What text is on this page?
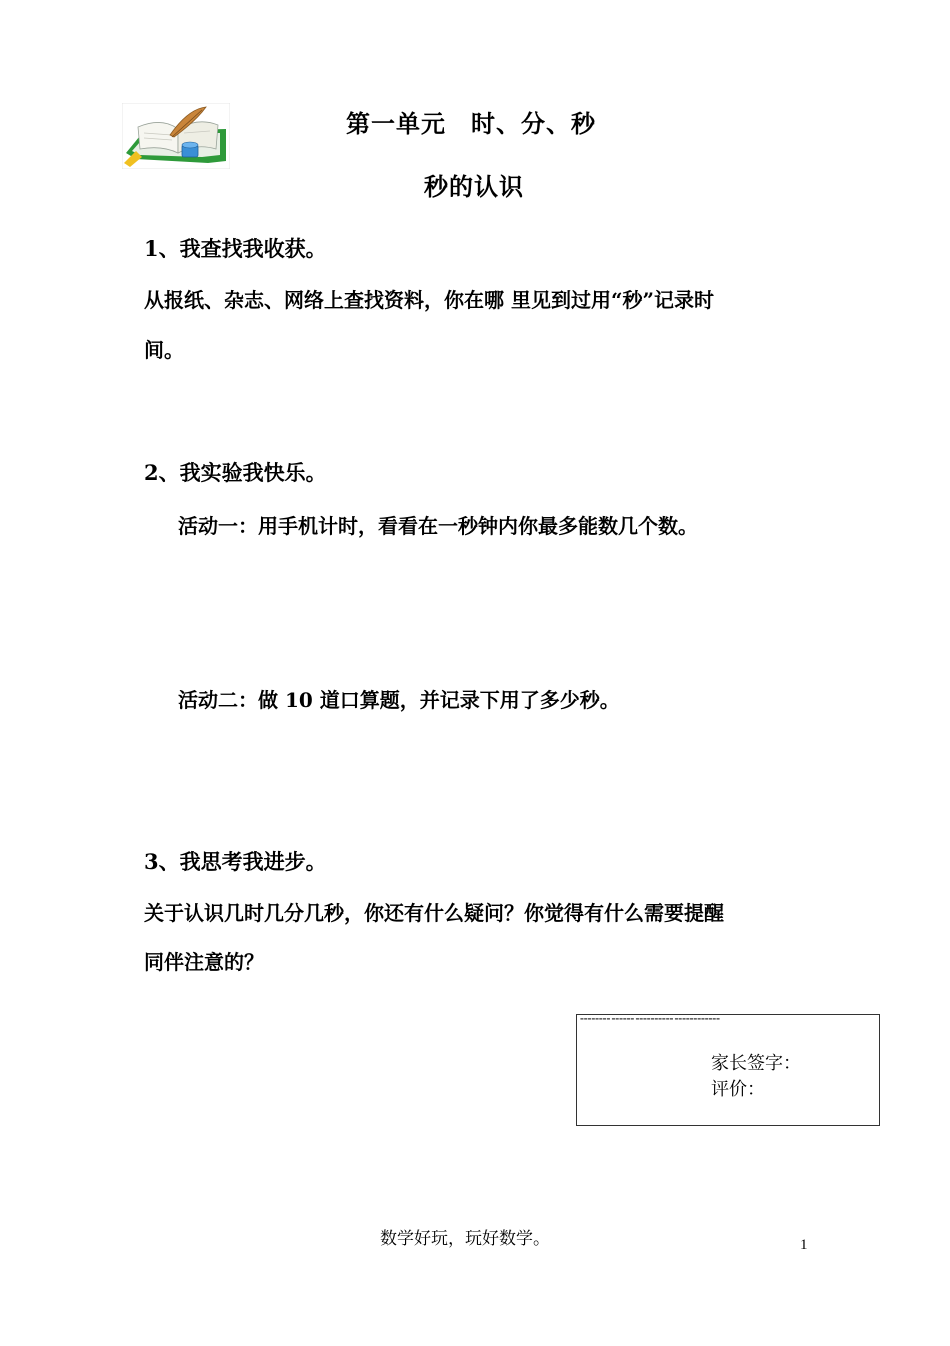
第一单元　时、分、秒
秒的认识
1、我查找我收获。
从报纸、杂志、网络上查找资料，你在哪 里见到过用“秒”记录时
间。
2、我实验我快乐。
活动一：用手机计时，看看在一秒钟内你最多能数几个数。
活动二：做 10 道口算题，并记录下用了多少秒。
3、我思考我进步。
关于认识几时几分几秒，你还有什么疑问？你觉得有什么需要提醒
同伴注意的？
▬▬▬▬▬▬▬▬ ▬▬▬▬▬▬ ▬▬▬▬▬▬▬▬▬▬ ▬▬▬▬▬▬▬▬▬▬▬▬
家长签字：
评价：
数学好玩，玩好数学。	1
